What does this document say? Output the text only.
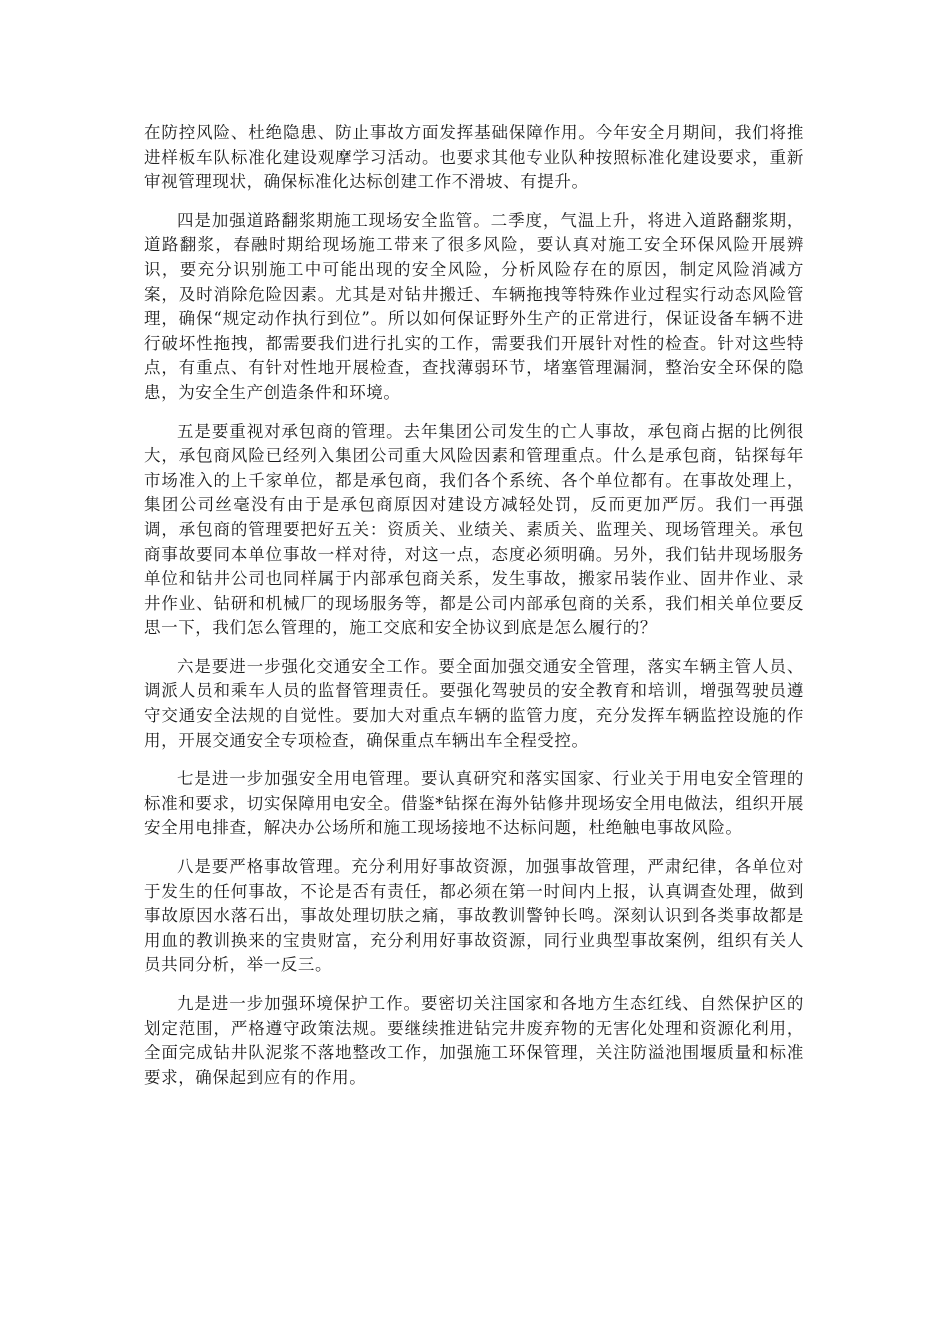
在防控风险、杜绝隐患、防止事故方面发挥基础保障作用。今年安全月期间，我们将推进样板车队标准化建设观摩学习活动。也要求其他专业队种按照标准化建设要求，重新审视管理现状，确保标准化达标创建工作不滑坡、有提升。

四是加强道路翻浆期施工现场安全监管。二季度，气温上升，将进入道路翻浆期，道路翻浆，春融时期给现场施工带来了很多风险，要认真对施工安全环保风险开展辨识，要充分识别施工中可能出现的安全风险，分析风险存在的原因，制定风险消减方案，及时消除危险因素。尤其是对钻井搬迁、车辆拖拽等特殊作业过程实行动态风险管理，确保“规定动作执行到位”。所以如何保证野外生产的正常进行，保证设备车辆不进行破坏性拖拽，都需要我们进行扎实的工作，需要我们开展针对性的检查。针对这些特点，有重点、有针对性地开展检查，查找薄弱环节，堵塞管理漏洞，整治安全环保的隐患，为安全生产创造条件和环境。

五是要重视对承包商的管理。去年集团公司发生的亡人事故，承包商占据的比例很大，承包商风险已经列入集团公司重大风险因素和管理重点。什么是承包商，钻探每年市场准入的上千家单位，都是承包商，我们各个系统、各个单位都有。在事故处理上，集团公司丝毫没有由于是承包商原因对建设方减轻处罚，反而更加严厉。我们一再强调，承包商的管理要把好五关：资质关、业绩关、素质关、监理关、现场管理关。承包商事故要同本单位事故一样对待，对这一点，态度必须明确。另外，我们钻井现场服务单位和钻井公司也同样属于内部承包商关系，发生事故，搬家吊装作业、固井作业、录井作业、钻研和机械厂的现场服务等，都是公司内部承包商的关系，我们相关单位要反思一下，我们怎么管理的，施工交底和安全协议到底是怎么履行的？

六是要进一步强化交通安全工作。要全面加强交通安全管理，落实车辆主管人员、调派人员和乘车人员的监督管理责任。要强化驾驶员的安全教育和培训，增强驾驶员遵守交通安全法规的自觉性。要加大对重点车辆的监管力度，充分发挥车辆监控设施的作用，开展交通安全专项检查，确保重点车辆出车全程受控。

七是进一步加强安全用电管理。要认真研究和落实国家、行业关于用电安全管理的标准和要求，切实保障用电安全。借鉴*钻探在海外钻修井现场安全用电做法，组织开展安全用电排查，解决办公场所和施工现场接地不达标问题，杜绝触电事故风险。

八是要严格事故管理。充分利用好事故资源，加强事故管理，严肃纪律，各单位对于发生的任何事故，不论是否有责任，都必须在第一时间内上报，认真调查处理，做到事故原因水落石出，事故处理切肤之痛，事故教训警钟长鸣。深刻认识到各类事故都是用血的教训换来的宝贵财富，充分利用好事故资源，同行业典型事故案例，组织有关人员共同分析，举一反三。

九是进一步加强环境保护工作。要密切关注国家和各地方生态红线、自然保护区的划定范围，严格遵守政策法规。要继续推进钻完井废弃物的无害化处理和资源化利用，全面完成钻井队泥浆不落地整改工作，加强施工环保管理，关注防溢池围堰质量和标准要求，确保起到应有的作用。
